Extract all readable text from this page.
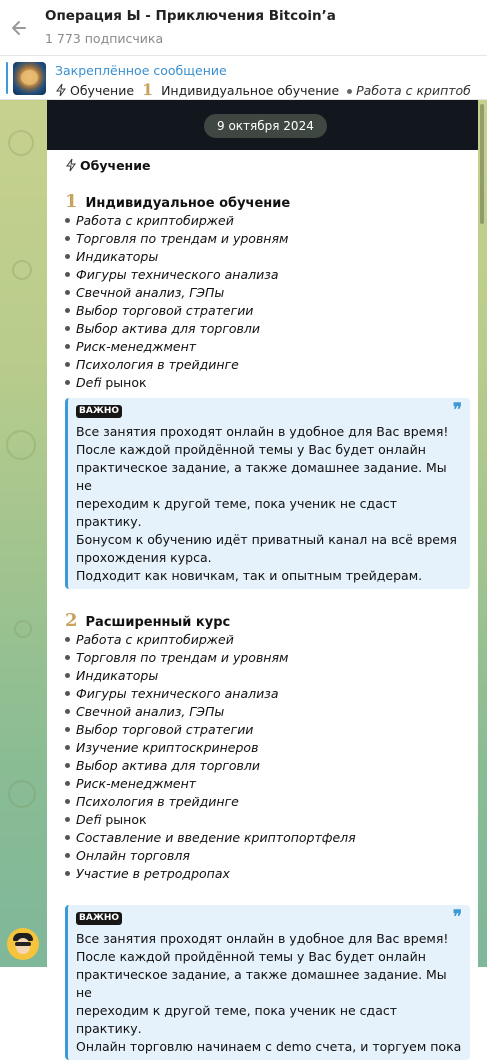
Операция Ы - Приключения Bitcoin’a
1 773 подписчика
Закреплённое сообщение
Обучение 1 Индивидуальное обучение Работа с криптоб
9 октября 2024
Обучение
1 Индивидуальное обучение
Работа с криптобиржей
Торговля по трендам и уровням
Индикаторы
Фигуры технического анализа
Свечной анализ, ГЭПы
Выбор торговой стратегии
Выбор актива для торговли
Риск-менеджмент
Психология в трейдинге
Defi рынок
ВАЖНО	❞
Все занятия проходят онлайн в удобное для Вас время!
После каждой пройдённой темы у Вас будет онлайн
практическое задание, а также домашнее задание. Мы не
переходим к другой теме, пока ученик не сдаст практику.
Бонусом к обучению идёт приватный канал на всё время
прохождения курса.
Подходит как новичкам, так и опытным трейдерам.
2 Расширенный курс
Работа с криптобиржей
Торговля по трендам и уровням
Индикаторы
Фигуры технического анализа
Свечной анализ, ГЭПы
Выбор торговой стратегии
Изучение криптоскринеров
Выбор актива для торговли
Риск-менеджмент
Психология в трейдинге
Defi рынок
Составление и введение криптопортфеля
Онлайн торговля
Участие в ретродропах
ВАЖНО	❞
Все занятия проходят онлайн в удобное для Вас время!
После каждой пройдённой темы у Вас будет онлайн
практическое задание, а также домашнее задание. Мы не
переходим к другой теме, пока ученик не сдаст практику.
Онлайн торговлю начинаем с demo счета, и торгуем пока
